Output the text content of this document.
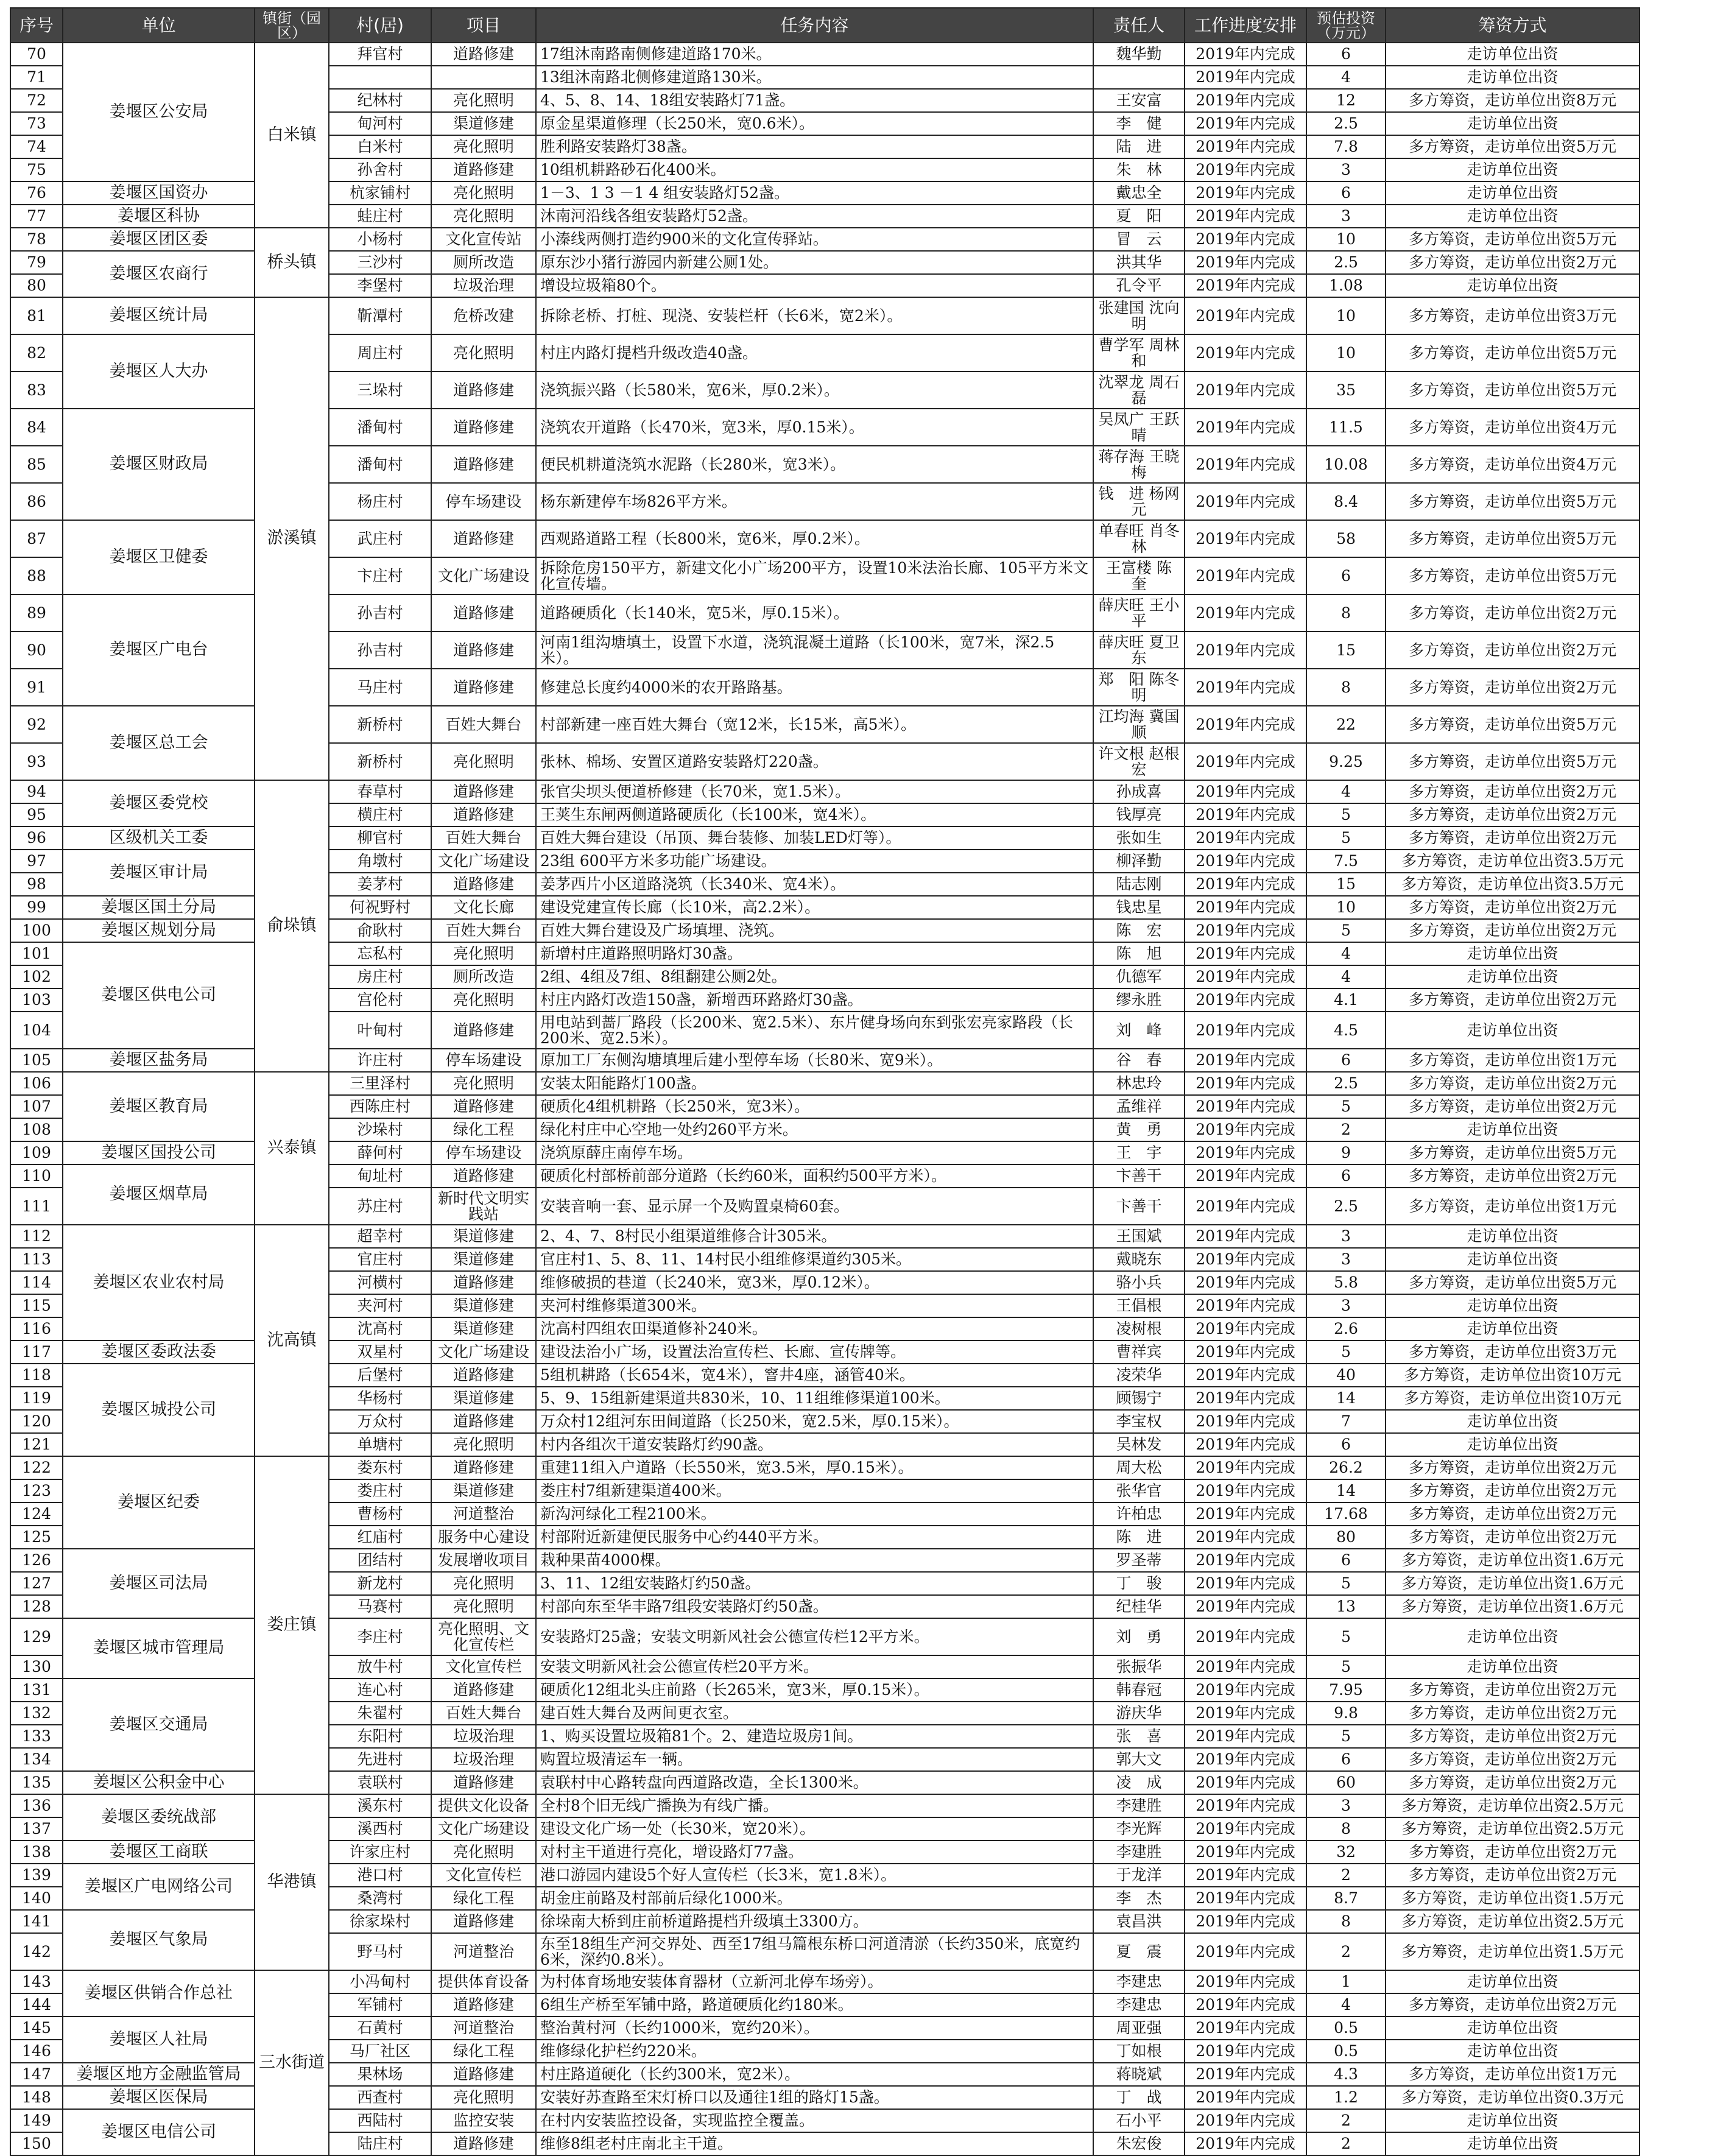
序号	单位	镇街（园区）	村(居)	项目	任务内容	责任人	工作进度安排	预估投资（万元）	筹资方式
70	姜堰区公安局	白米镇	拜官村	道路修建	17组沐南路南侧修建道路170米。	魏华勤	2019年内完成	6	走访单位出资
71					13组沐南路北侧修建道路130米。		2019年内完成	4	走访单位出资
72			纪林村	亮化照明	4、5、8、14、18组安装路灯71盏。	王安富	2019年内完成	12	多方筹资，走访单位出资8万元
73			甸河村	渠道修建	原金星渠道修理（长250米，宽0.6米）。	李　健	2019年内完成	2.5	走访单位出资
74			白米村	亮化照明	胜利路安装路灯38盏。	陆　进	2019年内完成	7.8	多方筹资，走访单位出资5万元
75			孙舍村	道路修建	10组机耕路砂石化400米。	朱　林	2019年内完成	3	走访单位出资
76	姜堰区国资办		杭家铺村	亮化照明	1－3、1 3 －1 4 组安装路灯52盏。	戴忠全	2019年内完成	6	走访单位出资
77	姜堰区科协		蛙庄村	亮化照明	沐南河沿线各组安装路灯52盏。	夏　阳	2019年内完成	3	走访单位出资
78	姜堰区团区委	桥头镇	小杨村	文化宣传站	小溱线两侧打造约900米的文化宣传驿站。	冒　云	2019年内完成	10	多方筹资，走访单位出资5万元
79	姜堰区农商行		三沙村	厕所改造	原东沙小猪行游园内新建公厕1处。	洪其华	2019年内完成	2.5	多方筹资，走访单位出资2万元
80			李堡村	垃圾治理	增设垃圾箱80个。	孔令平	2019年内完成	1.08	走访单位出资
81	姜堰区统计局	淤溪镇	靳潭村	危桥改建	拆除老桥、打桩、现浇、安装栏杆（长6米，宽2米）。	张建国 沈向明	2019年内完成	10	多方筹资，走访单位出资3万元
82	姜堰区人大办		周庄村	亮化照明	村庄内路灯提档升级改造40盏。	曹学军 周林和	2019年内完成	10	多方筹资，走访单位出资5万元
83			三垛村	道路修建	浇筑振兴路（长580米，宽6米，厚0.2米）。	沈翠龙 周石磊	2019年内完成	35	多方筹资，走访单位出资5万元
84	姜堰区财政局		潘甸村	道路修建	浇筑农开道路（长470米，宽3米，厚0.15米）。	吴凤广 王跃晴	2019年内完成	11.5	多方筹资，走访单位出资4万元
85			潘甸村	道路修建	便民机耕道浇筑水泥路（长280米，宽3米）。	蒋存海 王晓梅	2019年内完成	10.08	多方筹资，走访单位出资4万元
86			杨庄村	停车场建设	杨东新建停车场826平方米。	钱　进 杨网元	2019年内完成	8.4	多方筹资，走访单位出资5万元
87	姜堰区卫健委		武庄村	道路修建	西观路道路工程（长800米，宽6米，厚0.2米）。	单春旺 肖冬林	2019年内完成	58	多方筹资，走访单位出资5万元
88			卞庄村	文化广场建设	拆除危房150平方，新建文化小广场200平方，设置10米法治长廊、105平方米文化宣传墙。	王富楼 陈　奎	2019年内完成	6	多方筹资，走访单位出资5万元
89	姜堰区广电台		孙吉村	道路修建	道路硬质化（长140米，宽5米，厚0.15米）。	薛庆旺 王小平	2019年内完成	8	多方筹资，走访单位出资2万元
90			孙吉村	道路修建	河南1组沟塘填土，设置下水道，浇筑混凝土道路（长100米，宽7米，深2.5米）。	薛庆旺 夏卫东	2019年内完成	15	多方筹资，走访单位出资2万元
91			马庄村	道路修建	修建总长度约4000米的农开路路基。	郑　阳 陈冬明	2019年内完成	8	多方筹资，走访单位出资2万元
92	姜堰区总工会		新桥村	百姓大舞台	村部新建一座百姓大舞台（宽12米，长15米，高5米）。	江均海 冀国顺	2019年内完成	22	多方筹资，走访单位出资5万元
93			新桥村	亮化照明	张林、棉场、安置区道路安装路灯220盏。	许文根 赵根宏	2019年内完成	9.25	多方筹资，走访单位出资5万元
94	姜堰区委党校	俞垛镇	春草村	道路修建	张官尖坝头便道桥修建（长70米，宽1.5米）。	孙成喜	2019年内完成	4	多方筹资，走访单位出资2万元
95			横庄村	道路修建	王荚生东闸两侧道路硬质化（长100米，宽4米）。	钱厚亮	2019年内完成	5	多方筹资，走访单位出资2万元
96	区级机关工委		柳官村	百姓大舞台	百姓大舞台建设（吊顶、舞台装修、加装LED灯等）。	张如生	2019年内完成	5	多方筹资，走访单位出资2万元
97	姜堰区审计局		角墩村	文化广场建设	23组 600平方米多功能广场建设。	柳泽勤	2019年内完成	7.5	多方筹资，走访单位出资3.5万元
98			姜茅村	道路修建	姜茅西片小区道路浇筑（长340米、宽4米）。	陆志刚	2019年内完成	15	多方筹资，走访单位出资3.5万元
99	姜堰区国土分局		何祝野村	文化长廊	建设党建宣传长廊（长10米，高2.2米）。	钱忠星	2019年内完成	10	多方筹资，走访单位出资2万元
100	姜堰区规划分局		俞耿村	百姓大舞台	百姓大舞台建设及广场填埋、浇筑。	陈　宏	2019年内完成	5	多方筹资，走访单位出资2万元
101	姜堰区供电公司		忘私村	亮化照明	新增村庄道路照明路灯30盏。	陈　旭	2019年内完成	4	走访单位出资
102			房庄村	厕所改造	2组、4组及7组、8组翻建公厕2处。	仇德军	2019年内完成	4	走访单位出资
103			宫伦村	亮化照明	村庄内路灯改造150盏，新增西环路路灯30盏。	缪永胜	2019年内完成	4.1	多方筹资，走访单位出资2万元
104			叶甸村	道路修建	用电站到蔷厂路段（长200米、宽2.5米）、东片健身场向东到张宏亮家路段（长200米、宽2.5米）。	刘　峰	2019年内完成	4.5	走访单位出资
105	姜堰区盐务局		许庄村	停车场建设	原加工厂东侧沟塘填埋后建小型停车场（长80米、宽9米）。	谷　春	2019年内完成	6	多方筹资，走访单位出资1万元
106	姜堰区教育局	兴泰镇	三里泽村	亮化照明	安装太阳能路灯100盏。	林忠玲	2019年内完成	2.5	多方筹资，走访单位出资2万元
107			西陈庄村	道路修建	硬质化4组机耕路（长250米，宽3米）。	孟维祥	2019年内完成	5	多方筹资，走访单位出资2万元
108			沙垛村	绿化工程	绿化村庄中心空地一处约260平方米。	黄　勇	2019年内完成	2	走访单位出资
109	姜堰区国投公司		薛何村	停车场建设	浇筑原薛庄南停车场。	王　宇	2019年内完成	9	多方筹资，走访单位出资5万元
110	姜堰区烟草局		甸址村	道路修建	硬质化村部桥前部分道路（长约60米，面积约500平方米）。	卞善干	2019年内完成	6	多方筹资，走访单位出资2万元
111			苏庄村	新时代文明实践站	安装音响一套、显示屏一个及购置桌椅60套。	卞善干	2019年内完成	2.5	多方筹资，走访单位出资1万元
112	姜堰区农业农村局	沈高镇	超幸村	渠道修建	2、4、7、8村民小组渠道维修合计305米。	王国斌	2019年内完成	3	走访单位出资
113			官庄村	渠道修建	官庄村1、5、8、11、14村民小组维修渠道约305米。	戴晓东	2019年内完成	3	走访单位出资
114			河横村	道路修建	维修破损的巷道（长240米，宽3米，厚0.12米）。	骆小兵	2019年内完成	5.8	多方筹资，走访单位出资5万元
115			夹河村	渠道修建	夹河村维修渠道300米。	王倡根	2019年内完成	3	走访单位出资
116			沈高村	渠道修建	沈高村四组农田渠道修补240米。	凌树根	2019年内完成	2.6	走访单位出资
117	姜堰区委政法委		双星村	文化广场建设	建设法治小广场，设置法治宣传栏、长廊、宣传牌等。	曹祥宾	2019年内完成	5	多方筹资，走访单位出资3万元
118	姜堰区城投公司		后堡村	道路修建	5组机耕路（长654米，宽4米），窨井4座，涵管40米。	凌荣华	2019年内完成	40	多方筹资，走访单位出资10万元
119			华杨村	渠道修建	5、9、15组新建渠道共830米，10、11组维修渠道100米。	顾锡宁	2019年内完成	14	多方筹资，走访单位出资10万元
120			万众村	道路修建	万众村12组河东田间道路（长250米，宽2.5米，厚0.15米）。	李宝权	2019年内完成	7	走访单位出资
121			单塘村	亮化照明	村内各组次干道安装路灯约90盏。	吴林发	2019年内完成	6	走访单位出资
122	姜堰区纪委	娄庄镇	娄东村	道路修建	重建11组入户道路（长550米，宽3.5米，厚0.15米）。	周大松	2019年内完成	26.2	多方筹资，走访单位出资2万元
123			娄庄村	渠道修建	娄庄村7组新建渠道400米。	张华官	2019年内完成	14	多方筹资，走访单位出资2万元
124			曹杨村	河道整治	新沟河绿化工程2100米。	许柏忠	2019年内完成	17.68	多方筹资，走访单位出资2万元
125			红庙村	服务中心建设	村部附近新建便民服务中心约440平方米。	陈　进	2019年内完成	80	多方筹资，走访单位出资2万元
126	姜堰区司法局		团结村	发展增收项目	栽种果苗4000棵。	罗圣蒂	2019年内完成	6	多方筹资，走访单位出资1.6万元
127			新龙村	亮化照明	3、11、12组安装路灯约50盏。	丁　骏	2019年内完成	5	多方筹资，走访单位出资1.6万元
128			马赛村	亮化照明	村部向东至华丰路7组段安装路灯约50盏。	纪桂华	2019年内完成	13	多方筹资，走访单位出资1.6万元
129	姜堰区城市管理局		李庄村	亮化照明、文化宣传栏	安装路灯25盏；安装文明新风社会公德宣传栏12平方米。	刘　勇	2019年内完成	5	走访单位出资
130			放牛村	文化宣传栏	安装文明新风社会公德宣传栏20平方米。	张振华	2019年内完成	5	走访单位出资
131	姜堰区交通局		连心村	道路修建	硬质化12组北头庄前路（长265米，宽3米，厚0.15米）。	韩春冠	2019年内完成	7.95	多方筹资，走访单位出资2万元
132			朱翟村	百姓大舞台	建百姓大舞台及两间更衣室。	游庆华	2019年内完成	9.8	多方筹资，走访单位出资2万元
133			东阳村	垃圾治理	1、购买设置垃圾箱81个。2、建造垃圾房1间。	张　喜	2019年内完成	5	多方筹资，走访单位出资2万元
134			先进村	垃圾治理	购置垃圾清运车一辆。	郭大文	2019年内完成	6	多方筹资，走访单位出资2万元
135	姜堰区公积金中心		袁联村	道路修建	袁联村中心路转盘向西道路改造，全长1300米。	凌　成	2019年内完成	60	多方筹资，走访单位出资2万元
136	姜堰区委统战部	华港镇	溪东村	提供文化设备	全村8个旧无线广播换为有线广播。	李建胜	2019年内完成	3	多方筹资，走访单位出资2.5万元
137			溪西村	文化广场建设	建设文化广场一处（长30米，宽20米）。	李光辉	2019年内完成	8	多方筹资，走访单位出资2.5万元
138	姜堰区工商联		许家庄村	亮化照明	对村主干道进行亮化，增设路灯77盏。	李建胜	2019年内完成	32	多方筹资，走访单位出资2万元
139	姜堰区广电网络公司		港口村	文化宣传栏	港口游园内建设5个好人宣传栏（长3米，宽1.8米）。	于龙洋	2019年内完成	2	多方筹资，走访单位出资2万元
140			桑湾村	绿化工程	胡金庄前路及村部前后绿化1000米。	李　杰	2019年内完成	8.7	多方筹资，走访单位出资1.5万元
141	姜堰区气象局		徐家垛村	道路修建	徐垛南大桥到庄前桥道路提档升级填土3300方。	袁昌洪	2019年内完成	8	多方筹资，走访单位出资2.5万元
142			野马村	河道整治	东至18组生产河交界处、西至17组马篇根东桥口河道清淤（长约350米，底宽约6米，深约0.8米）。	夏　震	2019年内完成	2	多方筹资，走访单位出资1.5万元
143	姜堰区供销合作总社	三水街道	小冯甸村	提供体育设备	为村体育场地安装体育器材（立新河北停车场旁）。	李建忠	2019年内完成	1	走访单位出资
144			军铺村	道路修建	6组生产桥至军铺中路，路道硬质化约180米。	李建忠	2019年内完成	4	多方筹资，走访单位出资2万元
145	姜堰区人社局		石黄村	河道整治	整治黄村河（长约1000米，宽约20米）。	周亚强	2019年内完成	0.5	走访单位出资
146			马厂社区	绿化工程	维修绿化护栏约220米。	丁如根	2019年内完成	0.5	走访单位出资
147	姜堰区地方金融监管局		果林场	道路修建	村庄路道硬化（长约300米，宽2米）。	蒋晓斌	2019年内完成	4.3	多方筹资，走访单位出资1万元
148	姜堰区医保局		西查村	亮化照明	安装好苏查路至宋灯桥口以及通往1组的路灯15盏。	丁　战	2019年内完成	1.2	多方筹资，走访单位出资0.3万元
149	姜堰区电信公司		西陆村	监控安装	在村内安装监控设备，实现监控全覆盖。	石小平	2019年内完成	2	走访单位出资
150			陆庄村	道路修建	维修8组老村庄南北主干道。	朱宏俊	2019年内完成	2	走访单位出资
